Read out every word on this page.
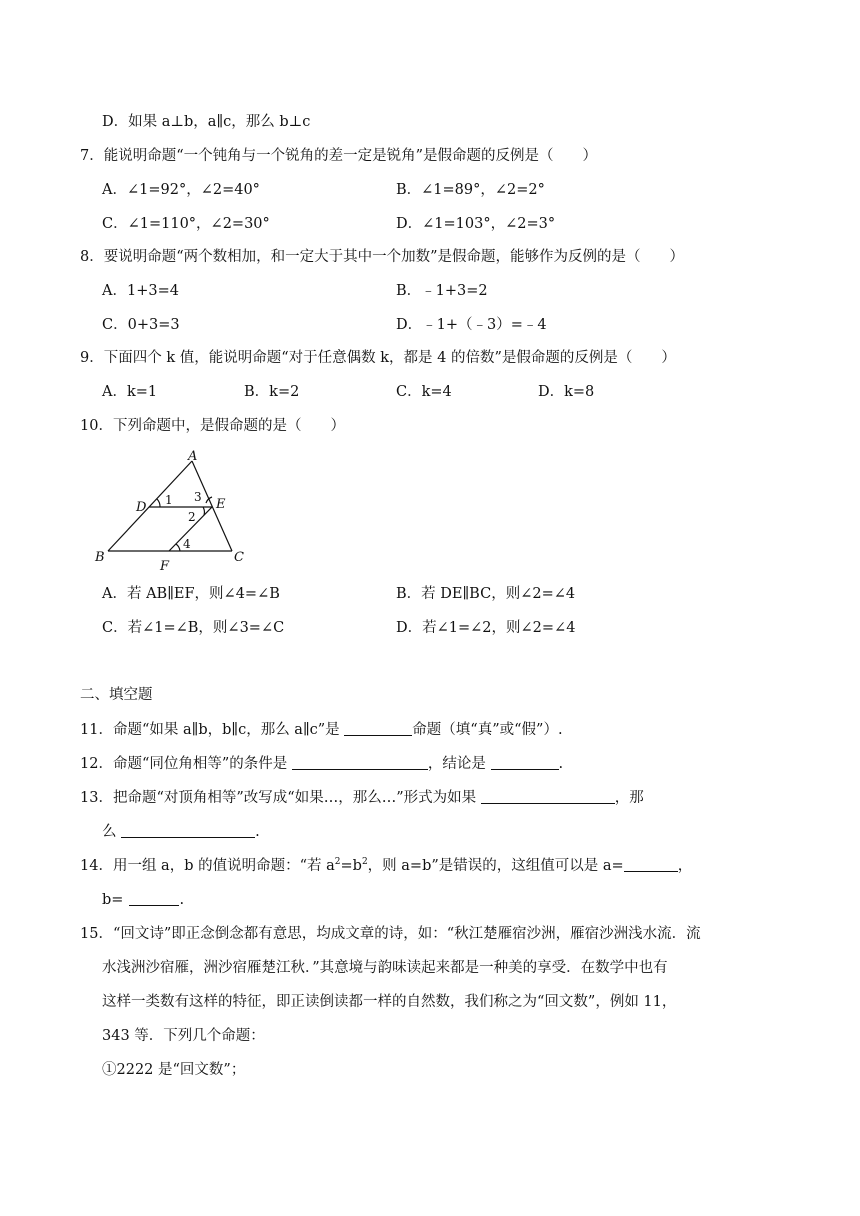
D．如果 a⊥b，a∥c，那么 b⊥c
7．能说明命题“一个钝角与一个锐角的差一定是锐角”是假命题的反例是（　　）
A．∠1=92°，∠2=40°	B．∠1=89°，∠2=2°
C．∠1=110°，∠2=30°	D．∠1=103°，∠2=3°
8．要说明命题“两个数相加，和一定大于其中一个加数”是假命题，能够作为反例的是（　　）
A．1+3=4	B．﹣1+3=2
C．0+3=3	D．﹣1+（﹣3）=﹣4
9．下面四个 k 值，能说明命题“对于任意偶数 k，都是 4 的倍数”是假命题的反例是（　　）
A．k=1	B．k=2	C．k=4	D．k=8
10．下列命题中，是假命题的是（　　）
A
B	C
D	E
F
1
2
3
4
A．若 AB∥EF，则∠4=∠B	B．若 DE∥BC，则∠2=∠4
C．若∠1=∠B，则∠3=∠C	D．若∠1=∠2，则∠2=∠4
二、填空题
11．命题“如果 a∥b，b∥c，那么 a∥c”是	命题（填“真”或“假”）.
12．命题“同位角相等”的条件是	，结论是	.
13．把命题“对顶角相等”改写成“如果…，那么…”形式为如果	，那
么	.
14．用一组 a，b 的值说明命题：“若 $a^2=b^2$，则 a=b”是错误的，这组值可以是 a=	，
b=	.
15．“回文诗”即正念倒念都有意思，均成文章的诗，如：“秋江楚雁宿沙洲，雁宿沙洲浅水流．流
水浅洲沙宿雁，洲沙宿雁楚江秋．”其意境与韵味读起来都是一种美的享受．在数学中也有
这样一类数有这样的特征，即正读倒读都一样的自然数，我们称之为“回文数”，例如 11，
343 等．下列几个命题：
①2222 是“回文数”；
